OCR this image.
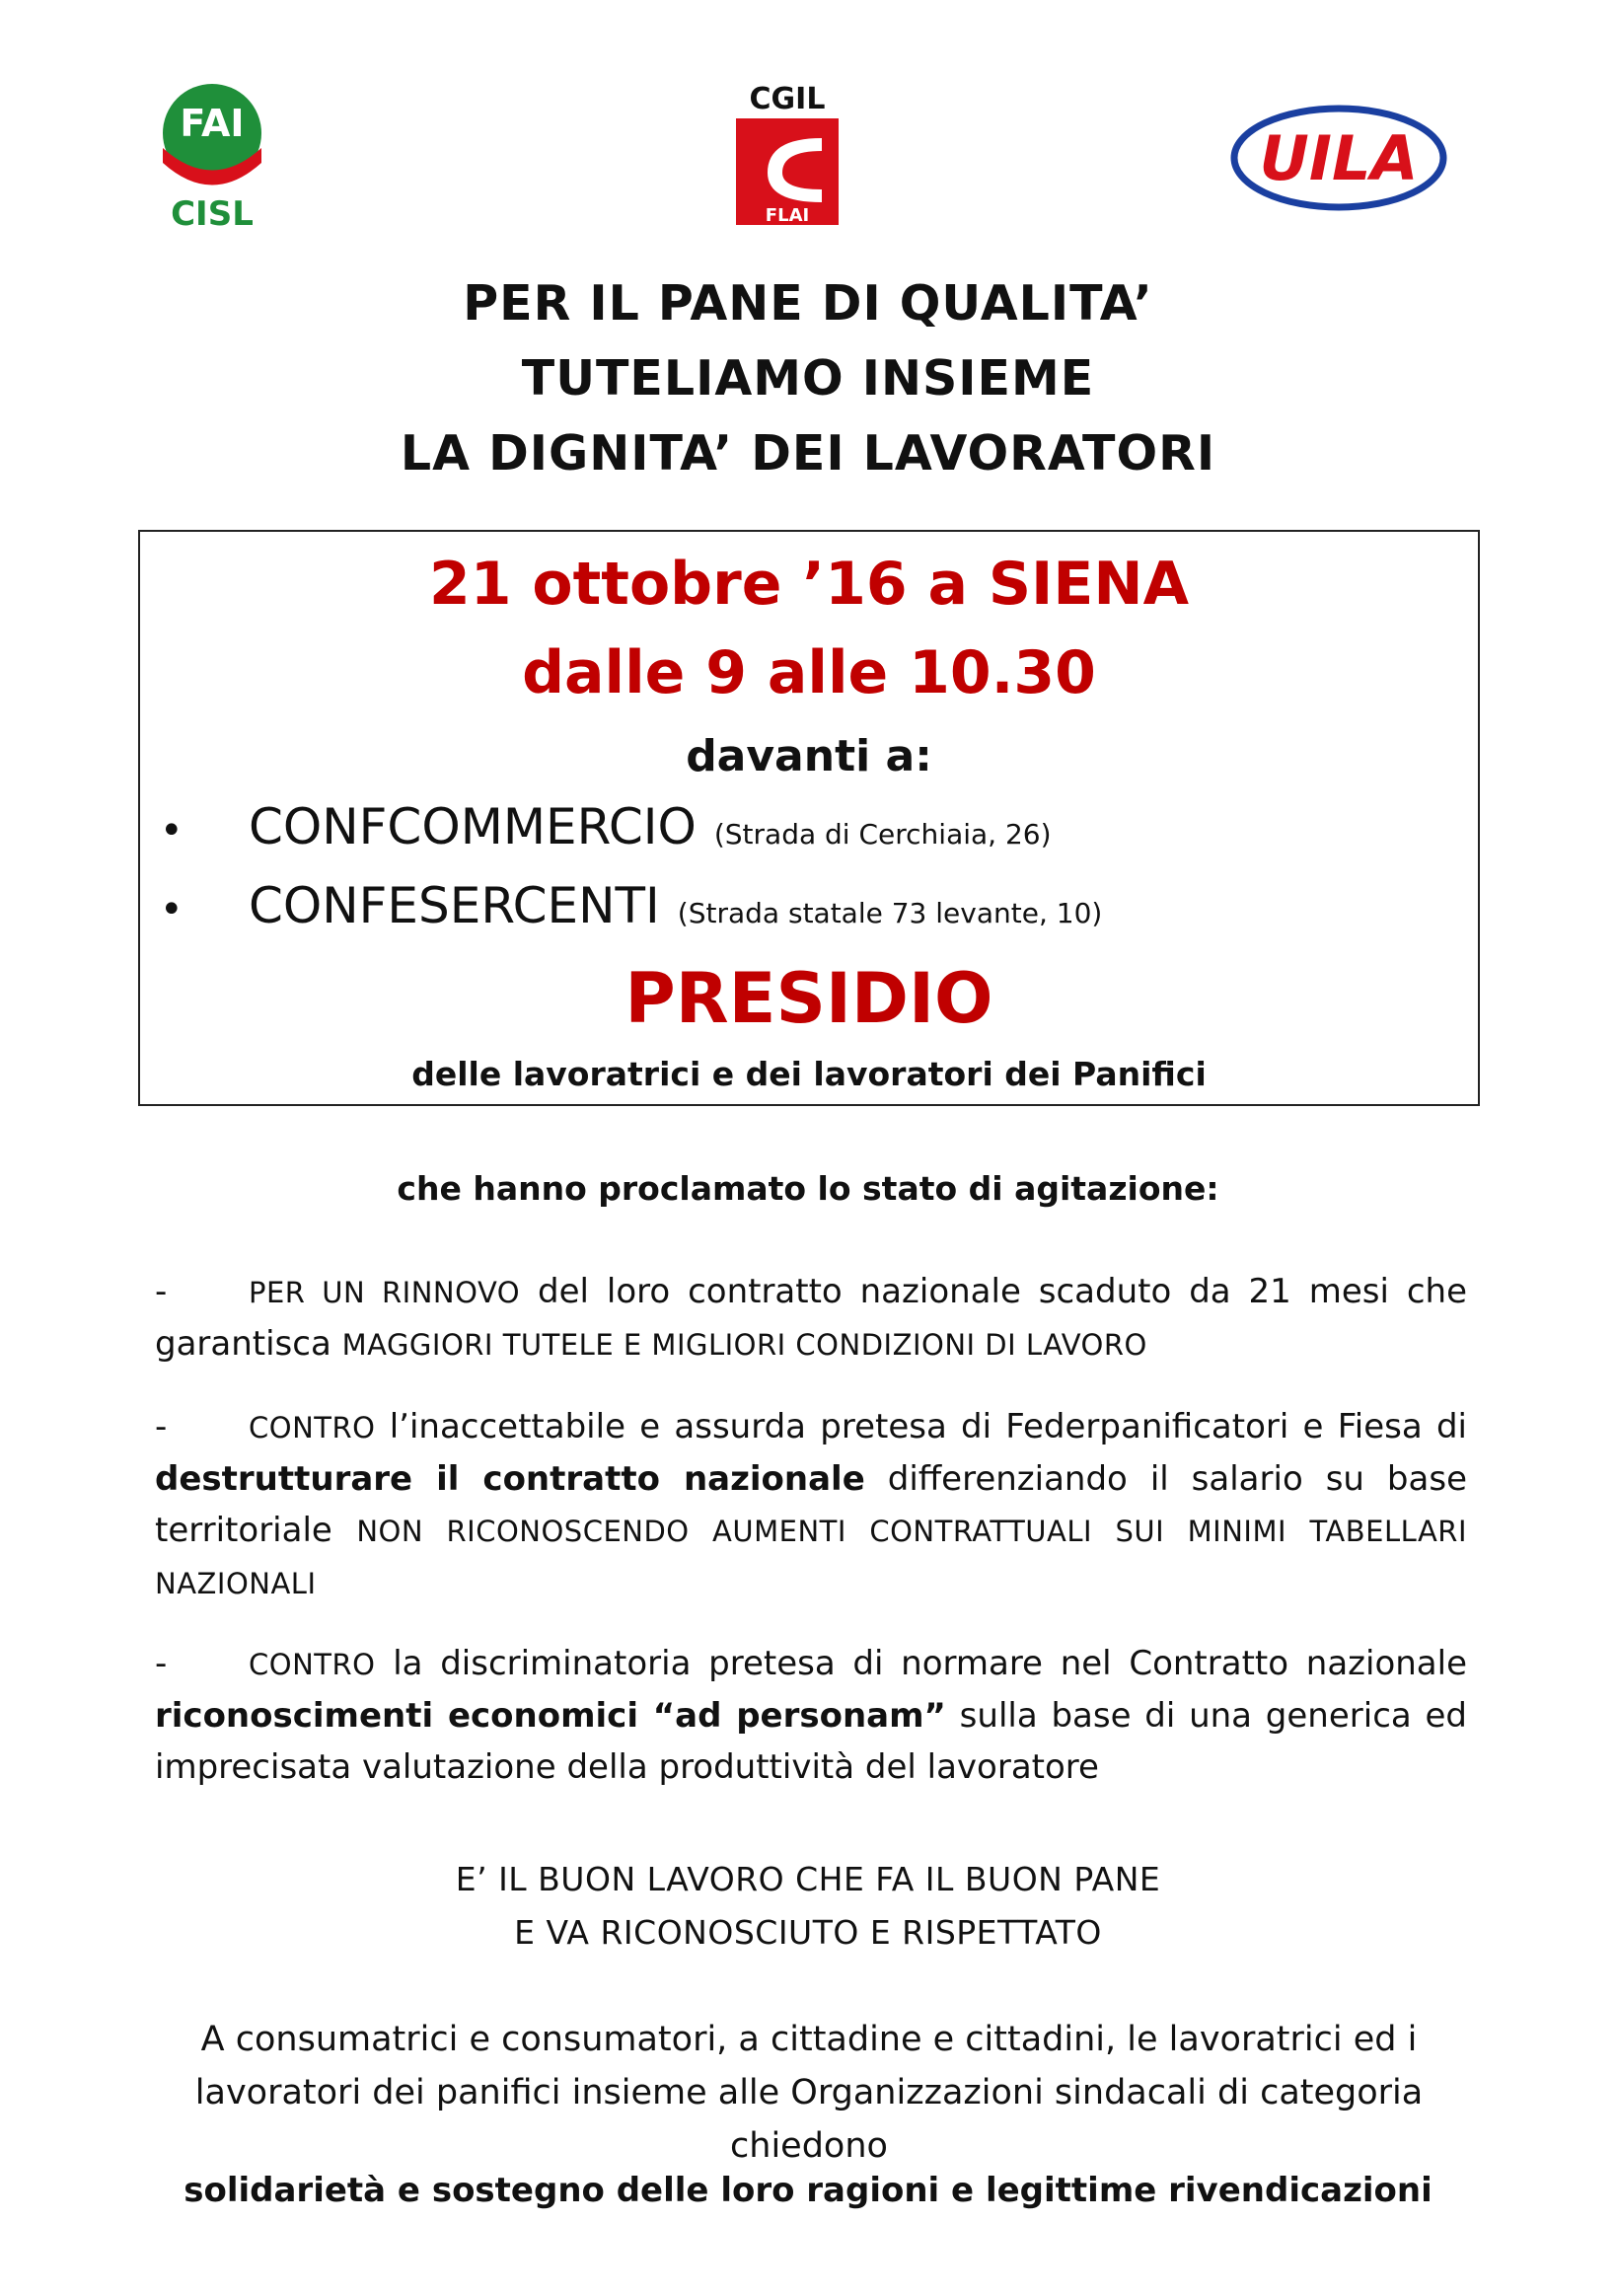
FAI
CISL
CGIL
FLAI
UILA
PER IL PANE DI QUALITA’
TUTELIAMO INSIEME
LA DIGNITA’ DEI LAVORATORI
21 ottobre ’16 a SIENA
dalle 9 alle 10.30
davanti a:
• CONFCOMMERCIO (Strada di Cerchiaia, 26)
• CONFESERCENTI (Strada statale 73 levante, 10)
PRESIDIO
delle lavoratrici e dei lavoratori dei Panifici
che hanno proclamato lo stato di agitazione:
-	PER UN RINNOVO del loro contratto nazionale scaduto da 21 mesi che garantisca MAGGIORI TUTELE E MIGLIORI CONDIZIONI DI LAVORO
-	CONTRO l’inaccettabile e assurda pretesa di Federpanificatori e Fiesa di destrutturare il contratto nazionale differenziando il salario su base territoriale NON RICONOSCENDO AUMENTI CONTRATTUALI SUI MINIMI TABELLARI NAZIONALI
-	CONTRO la discriminatoria pretesa di normare nel Contratto nazionale riconoscimenti economici “ad personam” sulla base di una generica ed imprecisata valutazione della produttività del lavoratore
E’ IL BUON LAVORO CHE FA IL BUON PANE
E VA RICONOSCIUTO E RISPETTATO
A consumatrici e consumatori, a cittadine e cittadini, le lavoratrici ed i lavoratori dei panifici insieme alle Organizzazioni sindacali di categoria
chiedono
solidarietà e sostegno delle loro ragioni e legittime rivendicazioni
